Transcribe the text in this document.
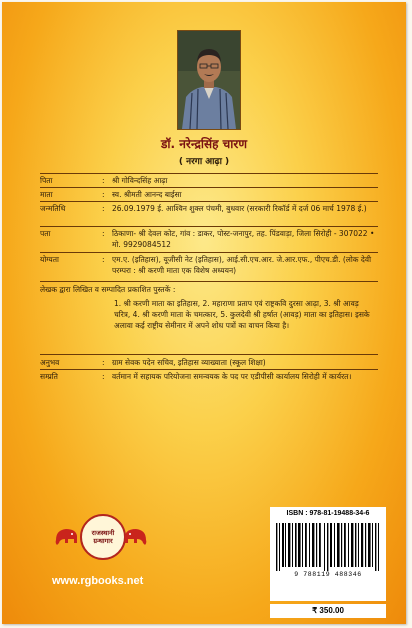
डॉ. नरेन्द्रसिंह चारण
( नरगा आढ़ा )
पिता	: श्री गोविन्दसिंह आढ़ा
माता	: स्व. श्रीमती आनन्द बाईसा
जन्मतिथि	: 26.09.1979 ई. आश्विन शुक्ल पंचमी, बुधवार (सरकारी रिकॉर्ड में दर्ज 06 मार्च 1978 ई.)
पता	: ठिकाणा- श्री देवल कोट, गांव : डाकर, पोस्ट-जनापुर, तह. पिंडवाड़ा, जिला सिरोही - 307022 • मो. 9929084512
योग्यता	: एम.ए. (इतिहास), यूजीसी नेट (इतिहास), आई.सी.एच.आर. जे.आर.एफ., पीएच.डी. (लोक देवी परम्परा : श्री करणी माता एक विशेष अध्ययन)
लेखक द्वारा लिखित व सम्पादित प्रकाशित पुस्तकें :
1. श्री करणी माता का इतिहास, 2. महाराणा प्रताप एवं राष्ट्रकवि दुरसा आढ़ा, 3. श्री आवड़ चरित्र, 4. श्री करणी माता के चमत्कार, 5. कुलदेवी श्री हर्षात (आवड़) माता का इतिहास। इसके अलावा कई राष्ट्रीय सेमीनार में अपने शोध पत्रों का वाचन किया है।
अनुभव	: ग्राम सेवक पदेन सचिव, इतिहास व्याख्याता (स्कूल शिक्षा)
सम्प्रति	: वर्तमान में सहायक परियोजना समन्वयक के पद पर एडीपीसी कार्यालय सिरोही में कार्यरत।
राजस्थानी ग्रन्थागार
www.rgbooks.net
ISBN : 978-81-19488-34-6
9 788119 488346
₹ 350.00
